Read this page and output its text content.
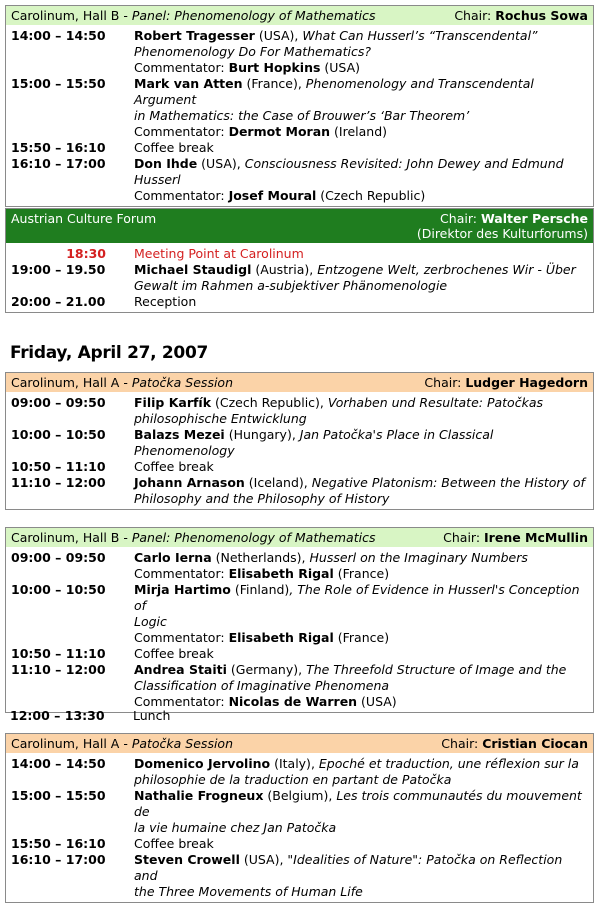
Carolinum, Hall B - Panel: Phenomenology of Mathematics	Chair: Rochus Sowa
14:00 – 14:50	Robert Tragesser (USA), What Can Husserl’s “Transcendental”
Phenomenology Do For Mathematics?
Commentator: Burt Hopkins (USA)
15:00 – 15:50	Mark van Atten (France), Phenomenology and Transcendental Argument
in Mathematics: the Case of Brouwer’s ‘Bar Theorem’
Commentator: Dermot Moran (Ireland)
15:50 – 16:10	Coffee break
16:10 – 17:00	Don Ihde (USA), Consciousness Revisited: John Dewey and Edmund
Husserl
Commentator: Josef Moural (Czech Republic)
Austrian Culture Forum	Chair: Walter Persche
(Direktor des Kulturforums)
18:30	Meeting Point at Carolinum
19:00 – 19.50	Michael Staudigl (Austria), Entzogene Welt, zerbrochenes Wir - Über
Gewalt im Rahmen a-subjektiver Phänomenologie
20:00 – 21.00	Reception
Friday, April 27, 2007
Carolinum, Hall A - Patočka Session	Chair: Ludger Hagedorn
09:00 – 09:50	Filip Karfík (Czech Republic), Vorhaben und Resultate: Patočkas
philosophische Entwicklung
10:00 – 10:50	Balazs Mezei (Hungary), Jan Patočka's Place in Classical
Phenomenology
10:50 – 11:10	Coffee break
11:10 – 12:00	Johann Arnason (Iceland), Negative Platonism: Between the History of
Philosophy and the Philosophy of History
Carolinum, Hall B - Panel: Phenomenology of Mathematics	Chair: Irene McMullin
09:00 – 09:50	Carlo Ierna (Netherlands), Husserl on the Imaginary Numbers
Commentator: Elisabeth Rigal (France)
10:00 – 10:50	Mirja Hartimo (Finland), The Role of Evidence in Husserl's Conception of
Logic
Commentator: Elisabeth Rigal (France)
10:50 – 11:10	Coffee break
11:10 – 12:00	Andrea Staiti (Germany), The Threefold Structure of Image and the
Classification of Imaginative Phenomena
Commentator: Nicolas de Warren (USA)
12:00 – 13:30	Lunch
Carolinum, Hall A - Patočka Session	Chair: Cristian Ciocan
14:00 – 14:50	Domenico Jervolino (Italy), Epoché et traduction, une réflexion sur la
philosophie de la traduction en partant de Patočka
15:00 – 15:50	Nathalie Frogneux (Belgium), Les trois communautés du mouvement de
la vie humaine chez Jan Patočka
15:50 – 16:10	Coffee break
16:10 – 17:00	Steven Crowell (USA), "Idealities of Nature": Patočka on Reflection and
the Three Movements of Human Life
